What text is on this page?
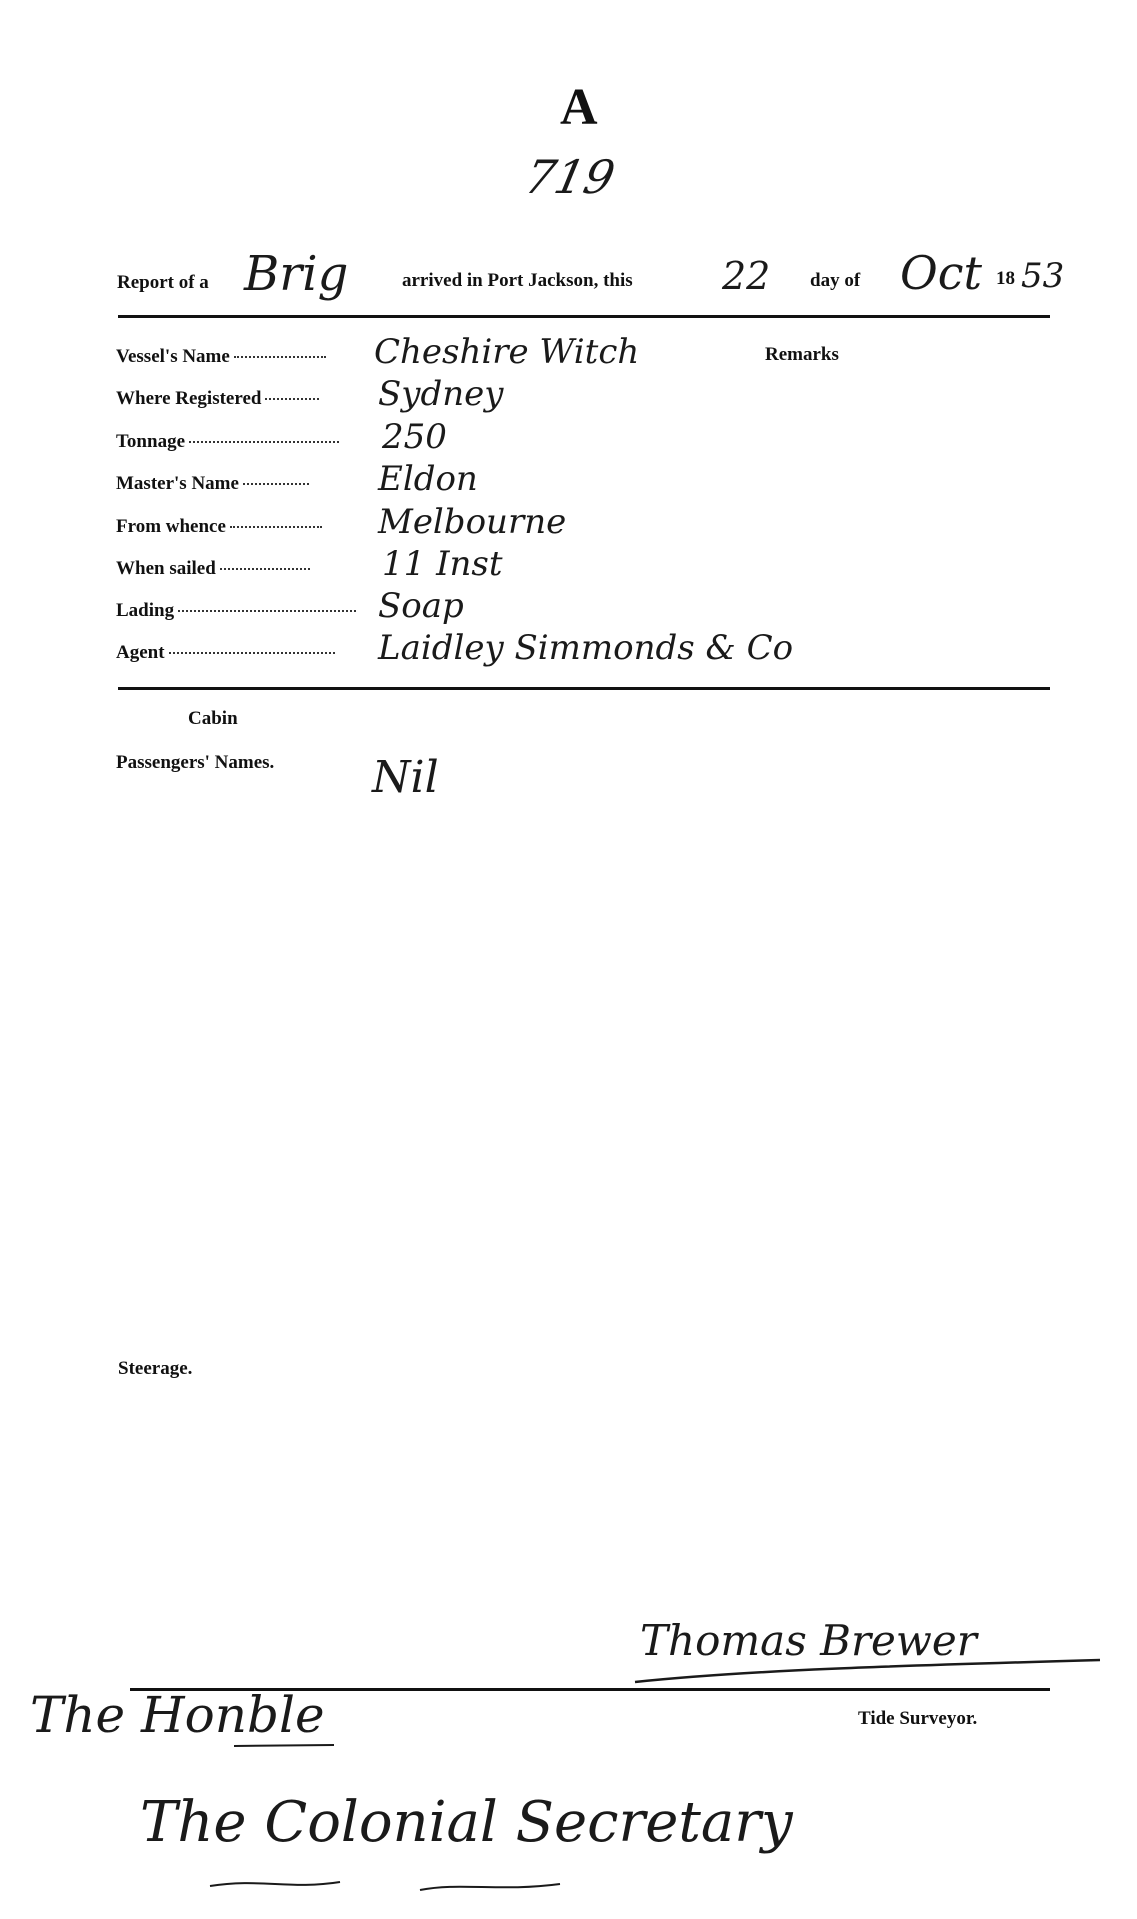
A
719
Report of a Brig	arrived in Port Jackson, this 22 day of Oct 18 53
Remarks
Vessel's Name	Cheshire Witch
Where Registered	Sydney
Tonnage	250
Master's Name	Eldon
From whence	Melbourne
When sailed	11 Inst
Lading	Soap
Agent	Laidley Simmonds & Co
Cabin
Passengers' Names. Nil
Steerage.
Thomas Brewer
Tide Surveyor.
The Honble
The Colonial Secretary
